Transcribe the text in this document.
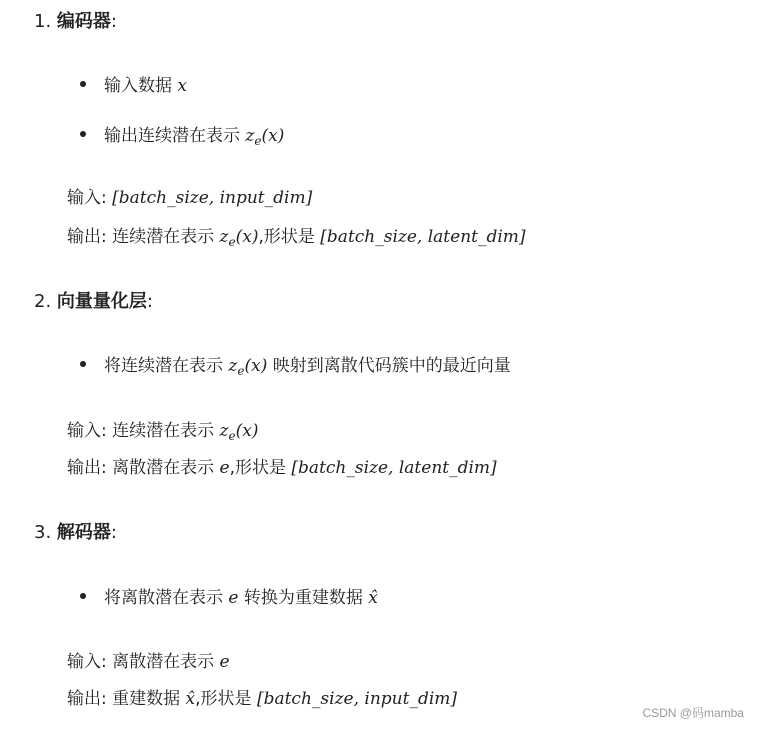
1. 编码器:
输入数据 x
输出连续潜在表示 $z_e(x)$
输入: [batch_size, input_dim]
输出: 连续潜在表示 $z_e(x)$,形状是 [batch_size, latent_dim]
2. 向量量化层:
将连续潜在表示 $z_e(x)$ 映射到离散代码簇中的最近向量
输入: 连续潜在表示 $z_e(x)$
输出: 离散潜在表示 e,形状是 [batch_size, latent_dim]
3. 解码器:
将离散潜在表示 e 转换为重建数据 x̂
输入: 离散潜在表示 e
输出: 重建数据 x̂,形状是 [batch_size, input_dim]
CSDN @码mamba
